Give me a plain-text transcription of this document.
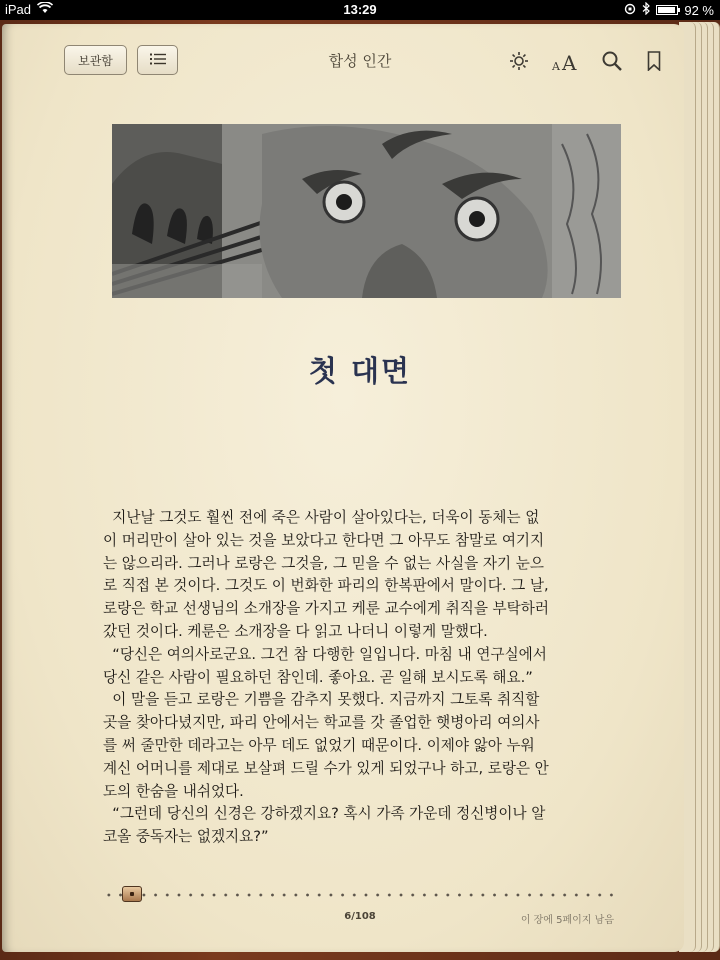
iPad	13:29	92 %
보관함	합성 인간	A A
첫 대면
지난날 그것도 훨씬 전에 죽은 사람이 살아있다는, 더욱이 동체는 없
이 머리만이 살아 있는 것을 보았다고 한다면 그 아무도 참말로 여기지
는 않으리라. 그러나 로랑은 그것을, 그 믿을 수 없는 사실을 자기 눈으
로 직접 본 것이다. 그것도 이 번화한 파리의 한복판에서 말이다. 그 날,
로랑은 학교 선생님의 소개장을 가지고 케룬 교수에게 취직을 부탁하러
갔던 것이다. 케룬은 소개장을 다 읽고 나더니 이렇게 말했다.
“당신은 여의사로군요. 그건 참 다행한 일입니다. 마침 내 연구실에서
당신 같은 사람이 필요하던 참인데. 좋아요. 곧 일해 보시도록 해요.”
이 말을 듣고 로랑은 기쁨을 감추지 못했다. 지금까지 그토록 취직할
곳을 찾아다녔지만, 파리 안에서는 학교를 갓 졸업한 햇병아리 여의사
를 써 줄만한 데라고는 아무 데도 없었기 때문이다. 이제야 앓아 누워
계신 어머니를 제대로 보살펴 드릴 수가 있게 되었구나 하고, 로랑은 안
도의 한숨을 내쉬었다.
“그런데 당신의 신경은 강하겠지요? 혹시 가족 가운데 정신병이나 알
코올 중독자는 없겠지요?”
6/108	이 장에 5페이지 남음
